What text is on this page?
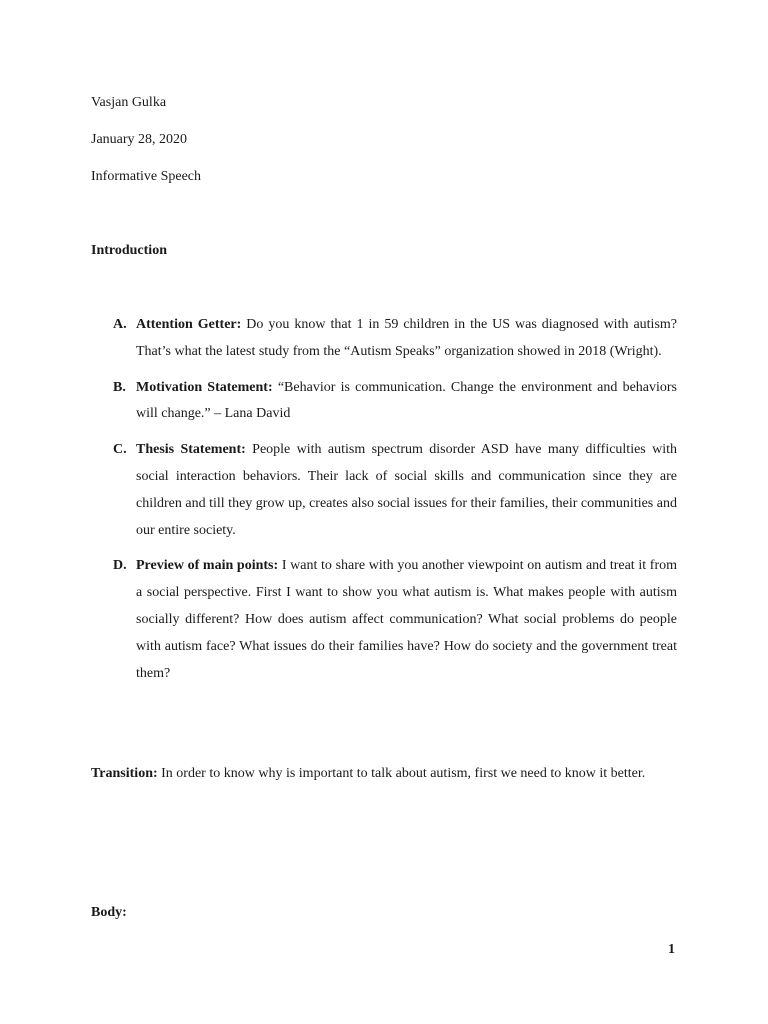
Vasjan Gulka
January 28, 2020
Informative Speech
Introduction
A. Attention Getter: Do you know that 1 in 59 children in the US was diagnosed with autism? That’s what the latest study from the “Autism Speaks” organization showed in 2018 (Wright).
B. Motivation Statement: “Behavior is communication. Change the environment and behaviors will change.” – Lana David
C. Thesis Statement: People with autism spectrum disorder ASD have many difficulties with social interaction behaviors. Their lack of social skills and communication since they are children and till they grow up, creates also social issues for their families, their communities and our entire society.
D. Preview of main points: I want to share with you another viewpoint on autism and treat it from a social perspective. First I want to show you what autism is. What makes people with autism socially different? How does autism affect communication? What social problems do people with autism face? What issues do their families have? How do society and the government treat them?

Transition: In order to know why is important to talk about autism, first we need to know it better.

Body:
1
